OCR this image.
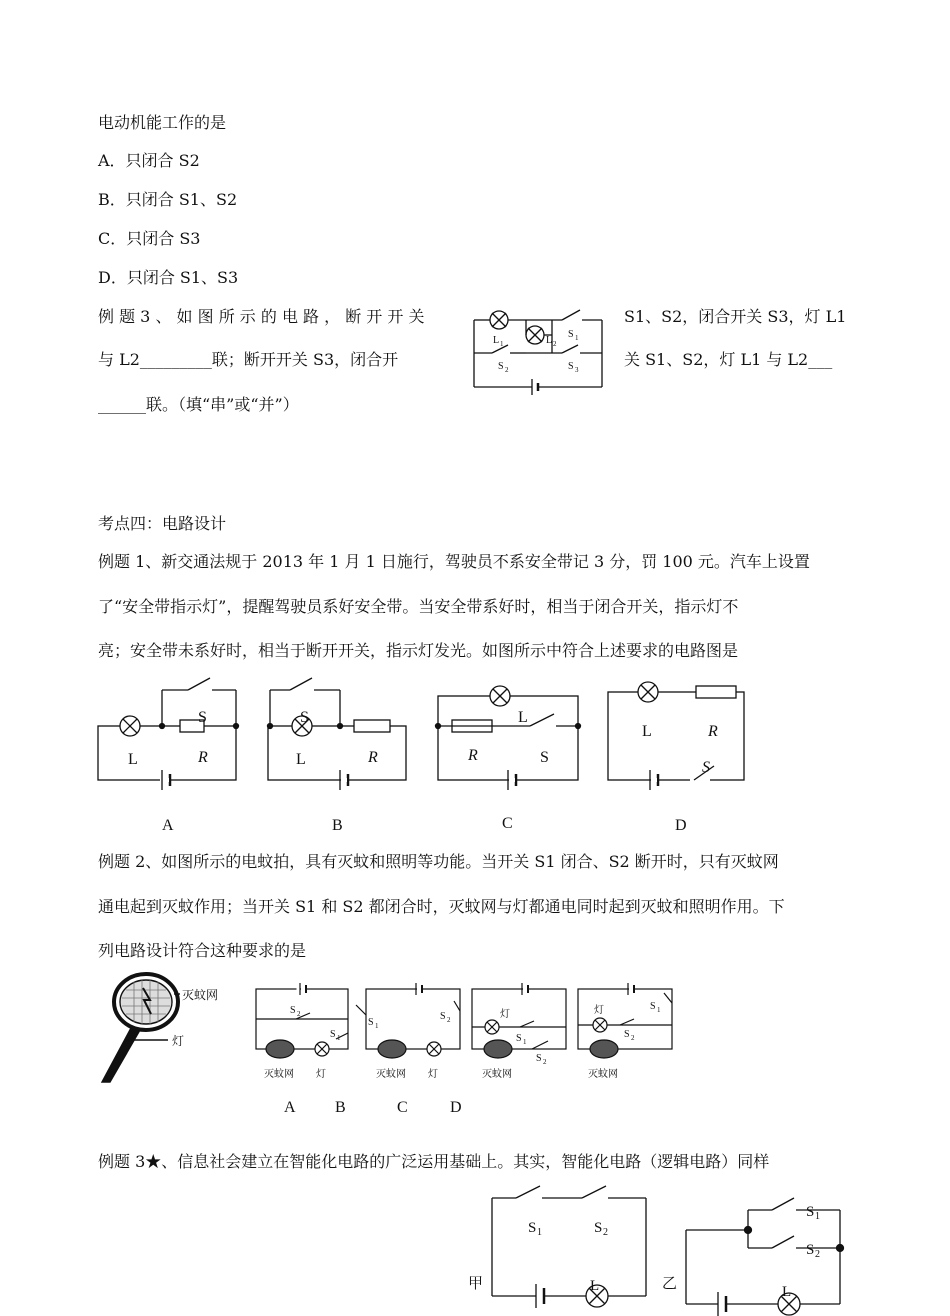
电动机能工作的是
A．只闭合 S2
B．只闭合 S1、S2
C．只闭合 S3
D．只闭合 S1、S3
例 题 3 、 如 图 所 示 的 电 路 ， 断 开 开 关	S1、S2，闭合开关 S3，灯 L1
与 L2_________联；断开开关 S3，闭合开	关 S1、S2，灯 L1 与 L2___
______联。（填“串”或“并”）
L 1	L 2
S 1
S 2	S 3
考点四：电路设计
例题 1、新交通法规于 2013 年 1 月 1 日施行，驾驶员不系安全带记 3 分，罚 100 元。汽车上设置
了“安全带指示灯”，提醒驾驶员系好安全带。当安全带系好时，相当于闭合开关，指示灯不
亮；安全带未系好时，相当于断开开关，指示灯发光。如图所示中符合上述要求的电路图是
S
L	R
S
L	R
L
R	S
L	R
S
A	B	C	D
例题 2、如图所示的电蚊拍，具有灭蚊和照明等功能。当开关 S1 闭合、S2 断开时，只有灭蚊网
通电起到灭蚊作用；当开关 S1 和 S2 都闭合时，灭蚊网与灯都通电同时起到灭蚊和照明作用。下
列电路设计符合这种要求的是
灭蚊网
灯
S 2
S 1
灭蚊网 灯
S 1
S 2
灭蚊网 灯
灯
S 1
S 2
灭蚊网
灯	S 1
S 2
灭蚊网
A B	C	D
例题 3★、信息社会建立在智能化电路的广泛运用基础上。其实，智能化电路（逻辑电路）同样
S 1	S 2
L
甲
S 1
S 2
L
乙
